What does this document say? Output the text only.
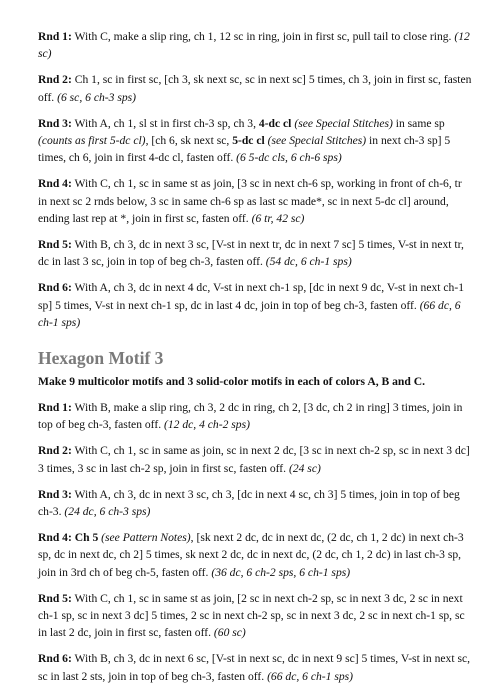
Rnd 1: With C, make a slip ring, ch 1, 12 sc in ring, join in first sc, pull tail to close ring. (12 sc)

Rnd 2: Ch 1, sc in first sc, [ch 3, sk next sc, sc in next sc] 5 times, ch 3, join in first sc, fasten off. (6 sc, 6 ch-3 sps)

Rnd 3: With A, ch 1, sl st in first ch-3 sp, ch 3, 4-dc cl (see Special Stitches) in same sp (counts as first 5-dc cl), [ch 6, sk next sc, 5-dc cl (see Special Stitches) in next ch-3 sp] 5 times, ch 6, join in first 4-dc cl, fasten off. (6 5-dc cls, 6 ch-6 sps)

Rnd 4: With C, ch 1, sc in same st as join, [3 sc in next ch-6 sp, working in front of ch-6, tr in next sc 2 rnds below, 3 sc in same ch-6 sp as last sc made*, sc in next 5-dc cl] around, ending last rep at *, join in first sc, fasten off. (6 tr, 42 sc)

Rnd 5: With B, ch 3, dc in next 3 sc, [V-st in next tr, dc in next 7 sc] 5 times, V-st in next tr, dc in last 3 sc, join in top of beg ch-3, fasten off. (54 dc, 6 ch-1 sps)

Rnd 6: With A, ch 3, dc in next 4 dc, V-st in next ch-1 sp, [dc in next 9 dc, V-st in next ch-1 sp] 5 times, V-st in next ch-1 sp, dc in last 4 dc, join in top of beg ch-3, fasten off. (66 dc, 6 ch-1 sps)

Hexagon Motif 3
Make 9 multicolor motifs and 3 solid-color motifs in each of colors A, B and C.

Rnd 1: With B, make a slip ring, ch 3, 2 dc in ring, ch 2, [3 dc, ch 2 in ring] 3 times, join in top of beg ch-3, fasten off. (12 dc, 4 ch-2 sps)

Rnd 2: With C, ch 1, sc in same as join, sc in next 2 dc, [3 sc in next ch-2 sp, sc in next 3 dc] 3 times, 3 sc in last ch-2 sp, join in first sc, fasten off. (24 sc)

Rnd 3: With A, ch 3, dc in next 3 sc, ch 3, [dc in next 4 sc, ch 3] 5 times, join in top of beg ch-3. (24 dc, 6 ch-3 sps)

Rnd 4: Ch 5 (see Pattern Notes), [sk next 2 dc, dc in next dc, (2 dc, ch 1, 2 dc) in next ch-3 sp, dc in next dc, ch 2] 5 times, sk next 2 dc, dc in next dc, (2 dc, ch 1, 2 dc) in last ch-3 sp, join in 3rd ch of beg ch-5, fasten off. (36 dc, 6 ch-2 sps, 6 ch-1 sps)

Rnd 5: With C, ch 1, sc in same st as join, [2 sc in next ch-2 sp, sc in next 3 dc, 2 sc in next ch-1 sp, sc in next 3 dc] 5 times, 2 sc in next ch-2 sp, sc in next 3 dc, 2 sc in next ch-1 sp, sc in last 2 dc, join in first sc, fasten off. (60 sc)

Rnd 6: With B, ch 3, dc in next 6 sc, [V-st in next sc, dc in next 9 sc] 5 times, V-st in next sc, sc in last 2 sts, join in top of beg ch-3, fasten off. (66 dc, 6 ch-1 sps)
